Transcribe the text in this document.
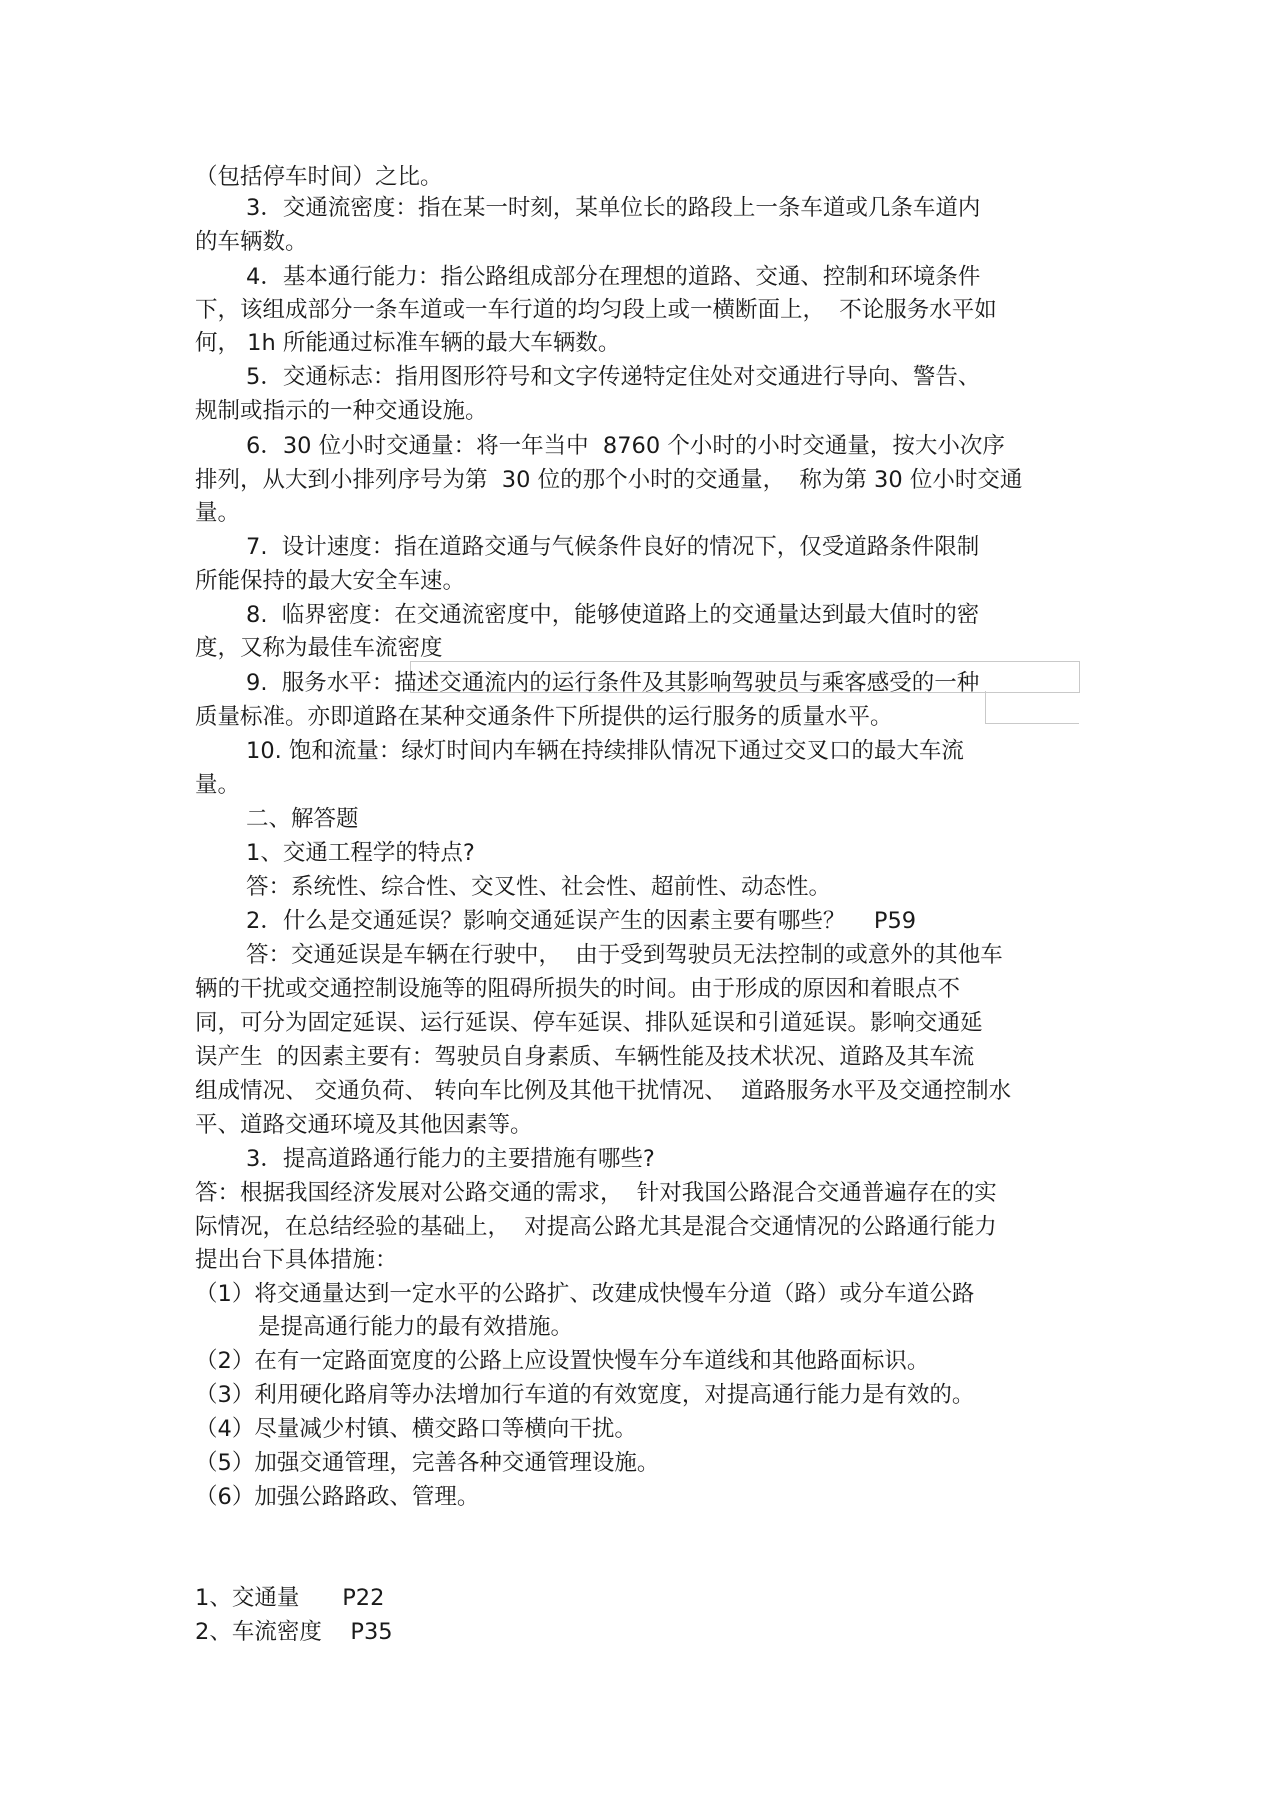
（包括停车时间）之比。
3．交通流密度：指在某一时刻，某单位长的路段上一条车道或几条车道内
的车辆数。
4．基本通行能力：指公路组成部分在理想的道路、交通、控制和环境条件
下，该组成部分一条车道或一车行道的均匀段上或一横断面上，  不论服务水平如
何， 1h 所能通过标准车辆的最大车辆数。
5．交通标志：指用图形符号和文字传递特定住处对交通进行导向、警告、
规制或指示的一种交通设施。
6．30 位小时交通量：将一年当中  8760 个小时的小时交通量，按大小次序
排列，从大到小排列序号为第  30 位的那个小时的交通量，  称为第 30 位小时交通
量。
7.  设计速度：指在道路交通与气候条件良好的情况下，仅受道路条件限制
所能保持的最大安全车速。
8.  临界密度：在交通流密度中，能够使道路上的交通量达到最大值时的密
度，又称为最佳车流密度
9.  服务水平：描述交通流内的运行条件及其影响驾驶员与乘客感受的一种
质量标准。亦即道路在某种交通条件下所提供的运行服务的质量水平。
10. 饱和流量：绿灯时间内车辆在持续排队情况下通过交叉口的最大车流
量。
二、解答题
1、交通工程学的特点?
答：系统性、综合性、交叉性、社会性、超前性、动态性。
2．什么是交通延误？影响交通延误产生的因素主要有哪些？    P59
答：交通延误是车辆在行驶中，  由于受到驾驶员无法控制的或意外的其他车
辆的干扰或交通控制设施等的阻碍所损失的时间。由于形成的原因和着眼点不
同，可分为固定延误、运行延误、停车延误、排队延误和引道延误。影响交通延
误产生  的因素主要有：驾驶员自身素质、车辆性能及技术状况、道路及其车流
组成情况、 交通负荷、 转向车比例及其他干扰情况、  道路服务水平及交通控制水
平、道路交通环境及其他因素等。
3．提高道路通行能力的主要措施有哪些?
答：根据我国经济发展对公路交通的需求，  针对我国公路混合交通普遍存在的实
际情况，在总结经验的基础上，  对提高公路尤其是混合交通情况的公路通行能力
提出台下具体措施：
（1）将交通量达到一定水平的公路扩、改建成快慢车分道（路）或分车道公路
是提高通行能力的最有效措施。
（2）在有一定路面宽度的公路上应设置快慢车分车道线和其他路面标识。
（3）利用硬化路肩等办法增加行车道的有效宽度，对提高通行能力是有效的。
（4）尽量减少村镇、横交路口等横向干扰。
（5）加强交通管理，完善各种交通管理设施。
（6）加强公路路政、管理。
1、交通量      P22
2、车流密度    P35
